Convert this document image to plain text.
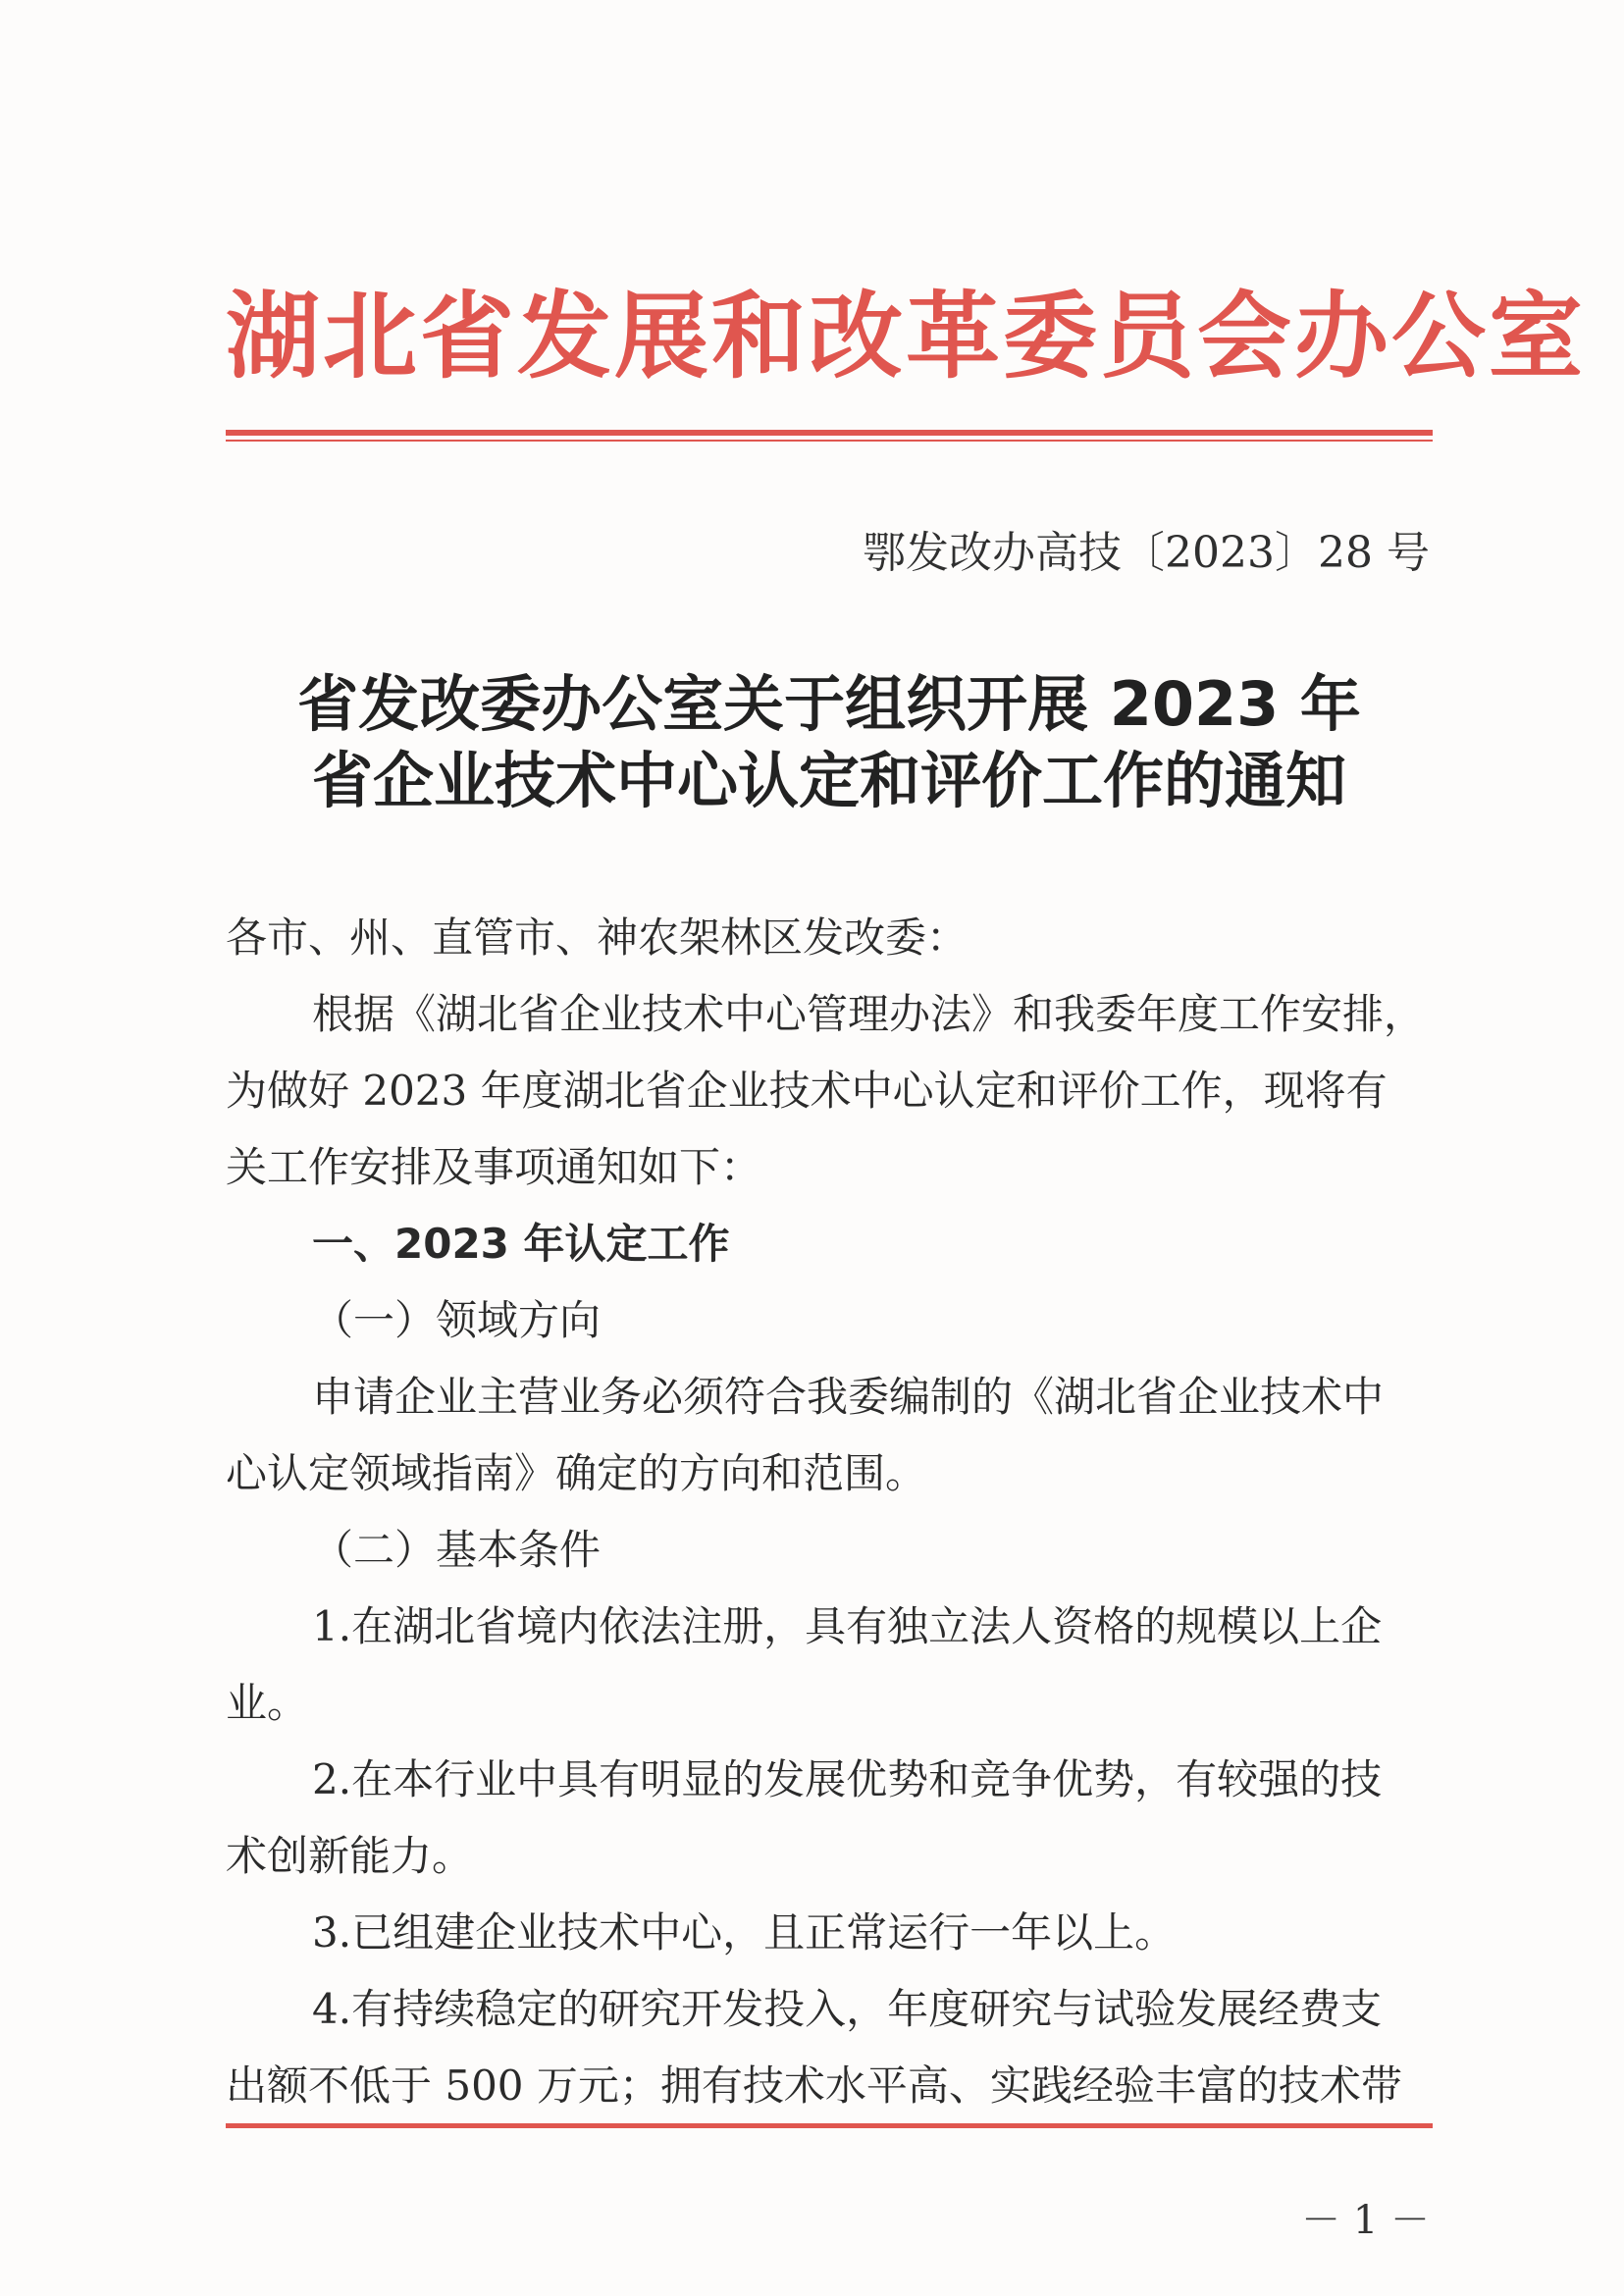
湖北省发展和改革委员会办公室
鄂发改办高技〔2023〕28 号
省发改委办公室关于组织开展 2023 年
省企业技术中心认定和评价工作的通知
各市、州、直管市、神农架林区发改委：
根据《湖北省企业技术中心管理办法》和我委年度工作安排，
为做好 2023 年度湖北省企业技术中心认定和评价工作，现将有
关工作安排及事项通知如下：
一、2023 年认定工作
（一）领域方向
申请企业主营业务必须符合我委编制的《湖北省企业技术中
心认定领域指南》确定的方向和范围。
（二）基本条件
1.在湖北省境内依法注册，具有独立法人资格的规模以上企
业。
2.在本行业中具有明显的发展优势和竞争优势，有较强的技
术创新能力。
3.已组建企业技术中心，且正常运行一年以上。
4.有持续稳定的研究开发投入，年度研究与试验发展经费支
出额不低于 500 万元；拥有技术水平高、实践经验丰富的技术带
－ 1 －
